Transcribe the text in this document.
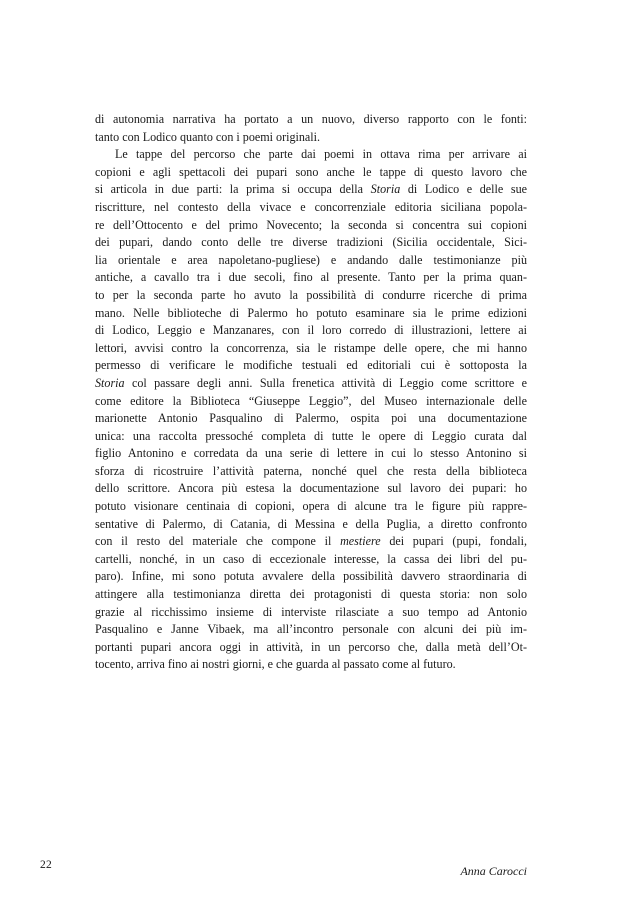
di autonomia narrativa ha portato a un nuovo, diverso rapporto con le fonti:
tanto con Lodico quanto con i poemi originali.
Le tappe del percorso che parte dai poemi in ottava rima per arrivare ai
copioni e agli spettacoli dei pupari sono anche le tappe di questo lavoro che
si articola in due parti: la prima si occupa della Storia di Lodico e delle sue
riscritture, nel contesto della vivace e concorrenziale editoria siciliana popola-
re dell’Ottocento e del primo Novecento; la seconda si concentra sui copioni
dei pupari, dando conto delle tre diverse tradizioni (Sicilia occidentale, Sici-
lia orientale e area napoletano-pugliese) e andando dalle testimonianze più
antiche, a cavallo tra i due secoli, fino al presente. Tanto per la prima quan-
to per la seconda parte ho avuto la possibilità di condurre ricerche di prima
mano. Nelle biblioteche di Palermo ho potuto esaminare sia le prime edizioni
di Lodico, Leggio e Manzanares, con il loro corredo di illustrazioni, lettere ai
lettori, avvisi contro la concorrenza, sia le ristampe delle opere, che mi hanno
permesso di verificare le modifiche testuali ed editoriali cui è sottoposta la
Storia col passare degli anni. Sulla frenetica attività di Leggio come scrittore e
come editore la Biblioteca “Giuseppe Leggio”, del Museo internazionale delle
marionette Antonio Pasqualino di Palermo, ospita poi una documentazione
unica: una raccolta pressoché completa di tutte le opere di Leggio curata dal
figlio Antonino e corredata da una serie di lettere in cui lo stesso Antonino si
sforza di ricostruire l’attività paterna, nonché quel che resta della biblioteca
dello scrittore. Ancora più estesa la documentazione sul lavoro dei pupari: ho
potuto visionare centinaia di copioni, opera di alcune tra le figure più rappre-
sentative di Palermo, di Catania, di Messina e della Puglia, a diretto confronto
con il resto del materiale che compone il mestiere dei pupari (pupi, fondali,
cartelli, nonché, in un caso di eccezionale interesse, la cassa dei libri del pu-
paro). Infine, mi sono potuta avvalere della possibilità davvero straordinaria di
attingere alla testimonianza diretta dei protagonisti di questa storia: non solo
grazie al ricchissimo insieme di interviste rilasciate a suo tempo ad Antonio
Pasqualino e Janne Vibaek, ma all’incontro personale con alcuni dei più im-
portanti pupari ancora oggi in attività, in un percorso che, dalla metà dell’Ot-
tocento, arriva fino ai nostri giorni, e che guarda al passato come al futuro.
22	Anna Carocci
